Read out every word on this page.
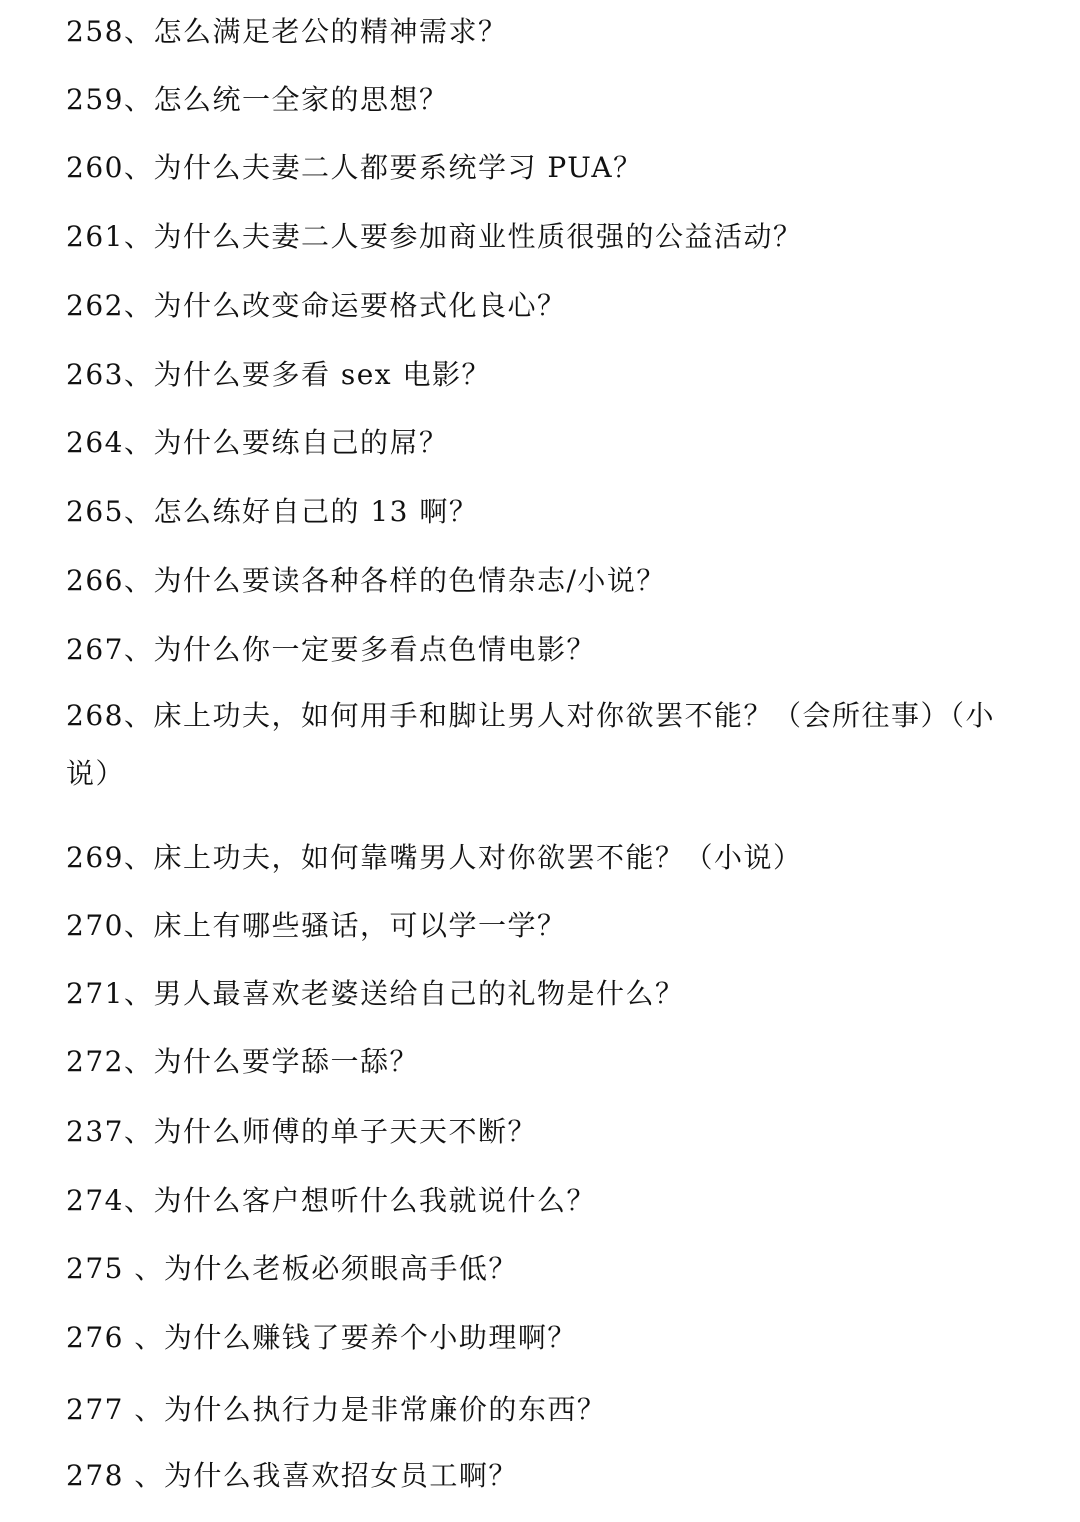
258、怎么满足老公的精神需求？
259、怎么统一全家的思想？
260、为什么夫妻二人都要系统学习 PUA？
261、为什么夫妻二人要参加商业性质很强的公益活动？
262、为什么改变命运要格式化良心？
263、为什么要多看 sex 电影？
264、为什么要练自己的屌？
265、怎么练好自己的 13 啊？
266、为什么要读各种各样的色情杂志/小说？
267、为什么你一定要多看点色情电影？
268、床上功夫，如何用手和脚让男人对你欲罢不能？（会所往事）（小说）
269、床上功夫，如何靠嘴男人对你欲罢不能？（小说）
270、床上有哪些骚话，可以学一学？
271、男人最喜欢老婆送给自己的礼物是什么？
272、为什么要学舔一舔？
237、为什么师傅的单子天天不断？
274、为什么客户想听什么我就说什么？
275 、为什么老板必须眼高手低？
276 、为什么赚钱了要养个小助理啊？
277 、为什么执行力是非常廉价的东西？
278 、为什么我喜欢招女员工啊？
